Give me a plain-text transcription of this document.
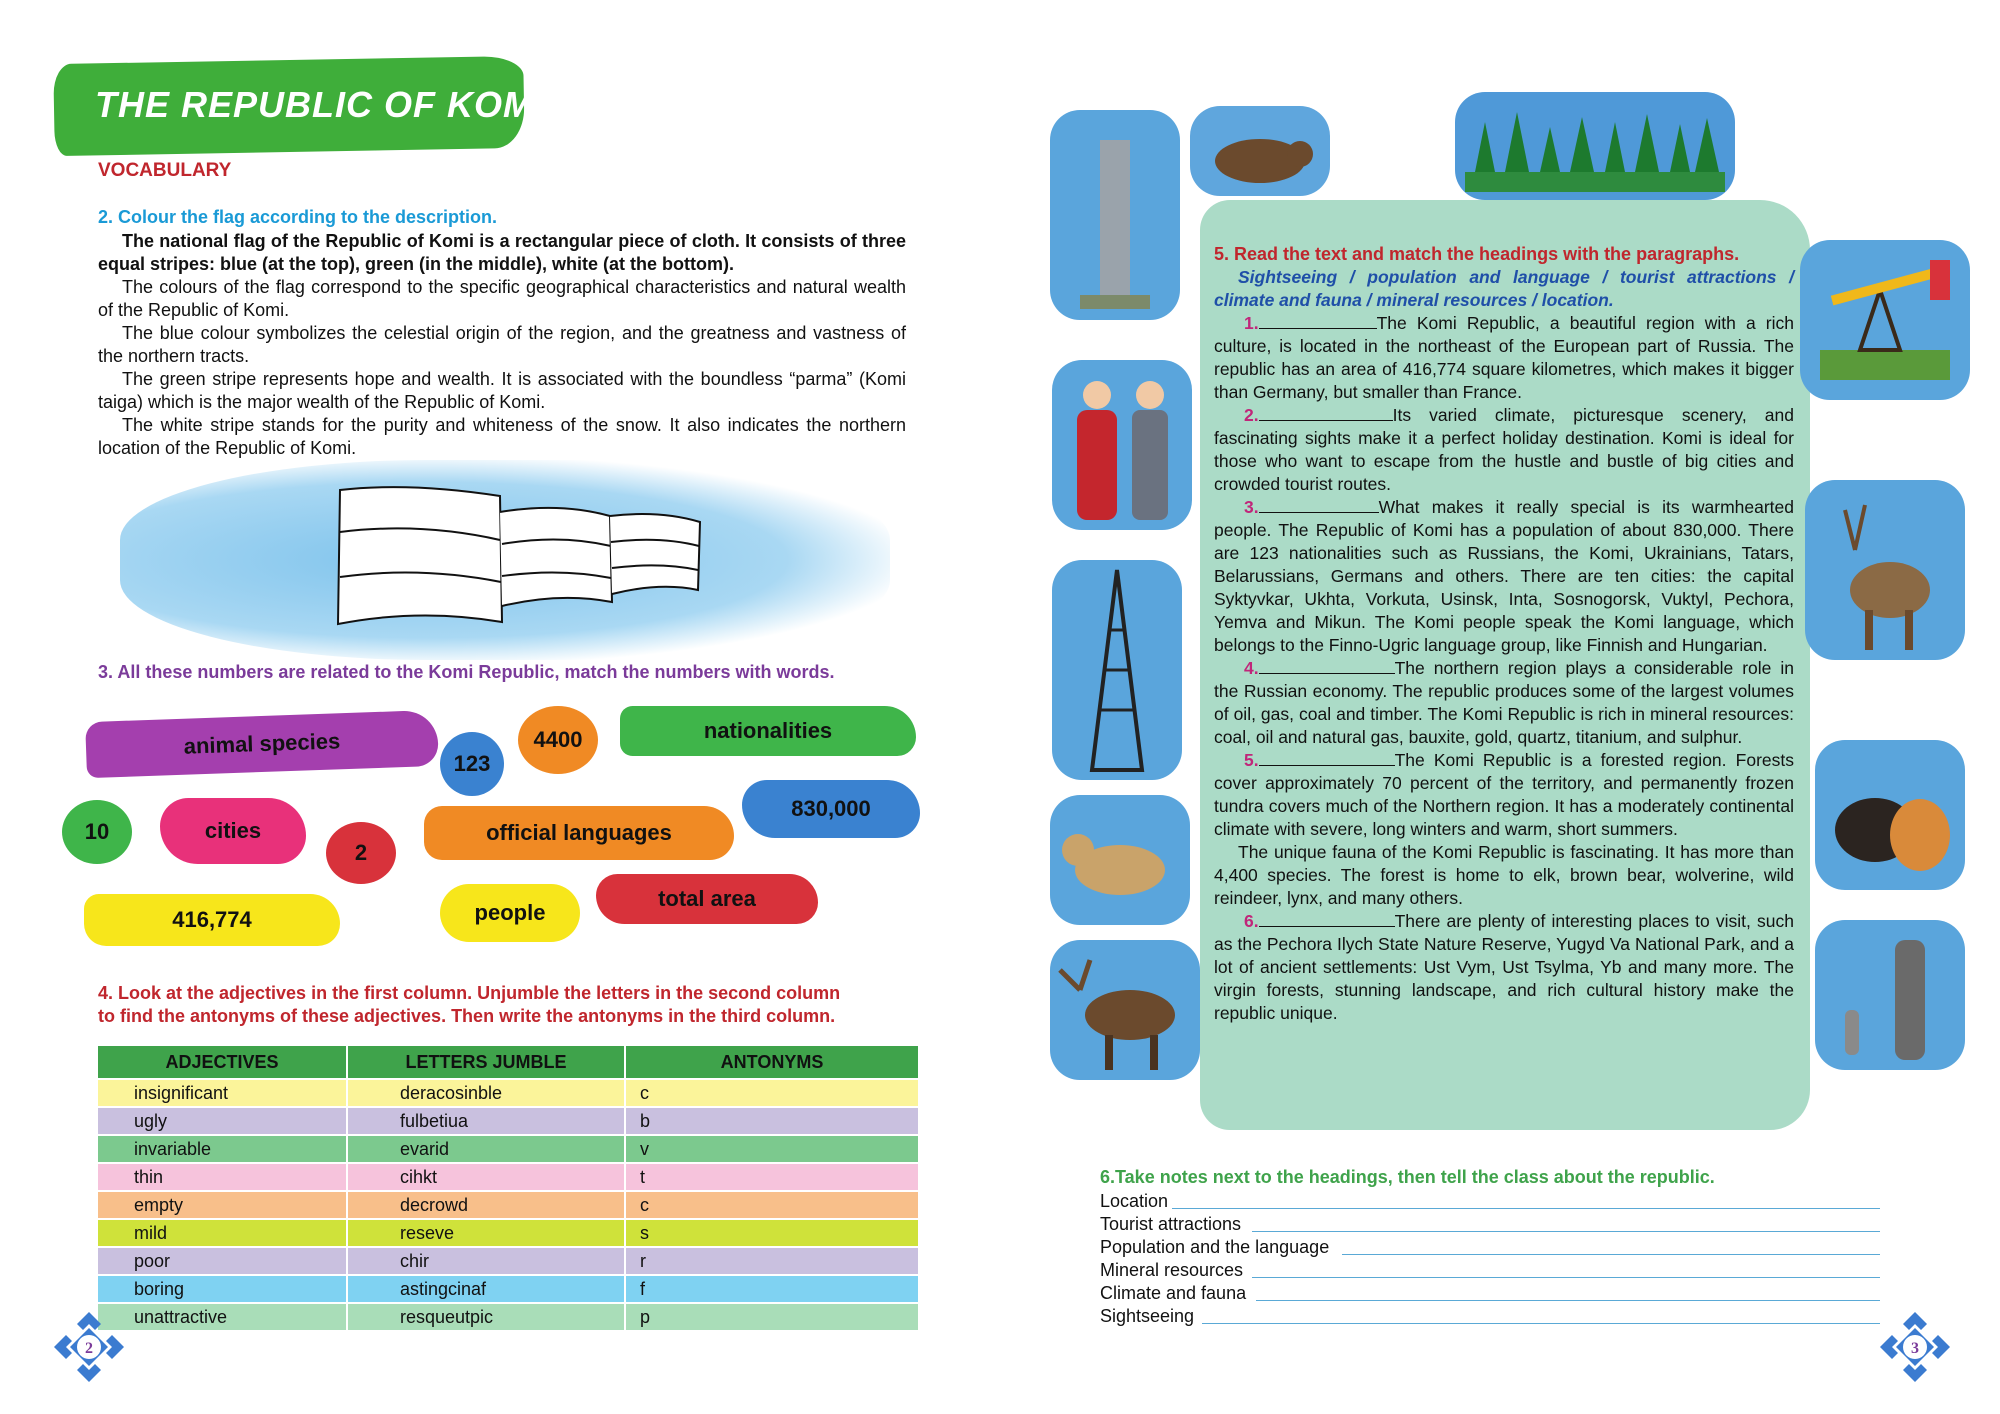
THE REPUBLIC OF KOMI
VOCABULARY
2. Colour the flag according to the description.
The national flag of the Republic of Komi is a rectangular piece of cloth. It consists of three equal stripes: blue (at the top), green (in the middle), white (at the bottom).
The colours of the flag correspond to the specific geographical characteristics and natural wealth of the Republic of Komi.
The blue colour symbolizes the celestial origin of the region, and the greatness and vastness of the northern tracts.
The green stripe represents hope and wealth. It is associated with the boundless “parma” (Komi taiga) which is the major wealth of the Republic of Komi.
The white stripe stands for the purity and whiteness of the snow. It also indicates the northern location of the Republic of Komi.
3. All these numbers are related to the Komi Republic, match the numbers with words.
animal species
123
4400	nationalities
10	cities
2
official languages
830,000
416,774	people
total area
4. Look at the adjectives in the first column. Unjumble the letters in the second column
to find the antonyms of these adjectives. Then write the antonyms in the third column.
ADJECTIVES	LETTERS JUMBLE	ANTONYMS
insignificant	deracosinble	c
ugly	fulbetiua	b
invariable	evarid	v
thin	cihkt	t
empty	decrowd	c
mild	reseve	s
poor	chir	r
boring	astingcinaf	f
unattractive	resqueutpic	p
2
5. Read the text and match the headings with the paragraphs.
Sightseeing / population and language / tourist attractions / climate and fauna / mineral resources / location.
1.	The Komi Republic, a beautiful region with a rich culture, is located in the northeast of the European part of Russia. The republic has an area of 416,774 square kilometres, which makes it bigger than Germany, but smaller than France.
2.	Its varied climate, picturesque scenery, and fascinating sights make it a perfect holiday destination. Komi is ideal for those who want to escape from the hustle and bustle of big cities and crowded tourist routes.
3.	What makes it really special is its warmhearted people. The Republic of Komi has a population of about 830,000. There are 123 nationalities such as Russians, the Komi, Ukrainians, Tatars, Belarussians, Germans and others. There are ten cities: the capital Syktyvkar, Ukhta, Vorkuta, Usinsk, Inta, Sosnogorsk, Vuktyl, Pechora, Yemva and Mikun. The Komi people speak the Komi language, which belongs to the Finno-Ugric language group, like Finnish and Hungarian.
4.	The northern region plays a considerable role in the Russian economy. The republic produces some of the largest volumes of oil, gas, coal and timber. The Komi Republic is rich in mineral resources: coal, oil and natural gas, bauxite, gold, quartz, titanium, and sulphur.
5.	The Komi Republic is a forested region. Forests cover approximately 70 percent of the territory, and permanently frozen tundra covers much of the Northern region. It has a moderately continental climate with severe, long winters and warm, short summers.
The unique fauna of the Komi Republic is fascinating. It has more than 4,400 species. The forest is home to elk, brown bear, wolverine, wild reindeer, lynx, and many others.
6.	There are plenty of interesting places to visit, such as the Pechora Ilych State Nature Reserve, Yugyd Va National Park, and a lot of ancient settlements: Ust Vym, Ust Tsylma, Yb and many more. The virgin forests, stunning landscape, and rich cultural history make the republic unique.
6.Take notes next to the headings, then tell the class about the republic.
Location
Tourist attractions
Population and the language
Mineral resources
Climate and fauna
Sightseeing
3
